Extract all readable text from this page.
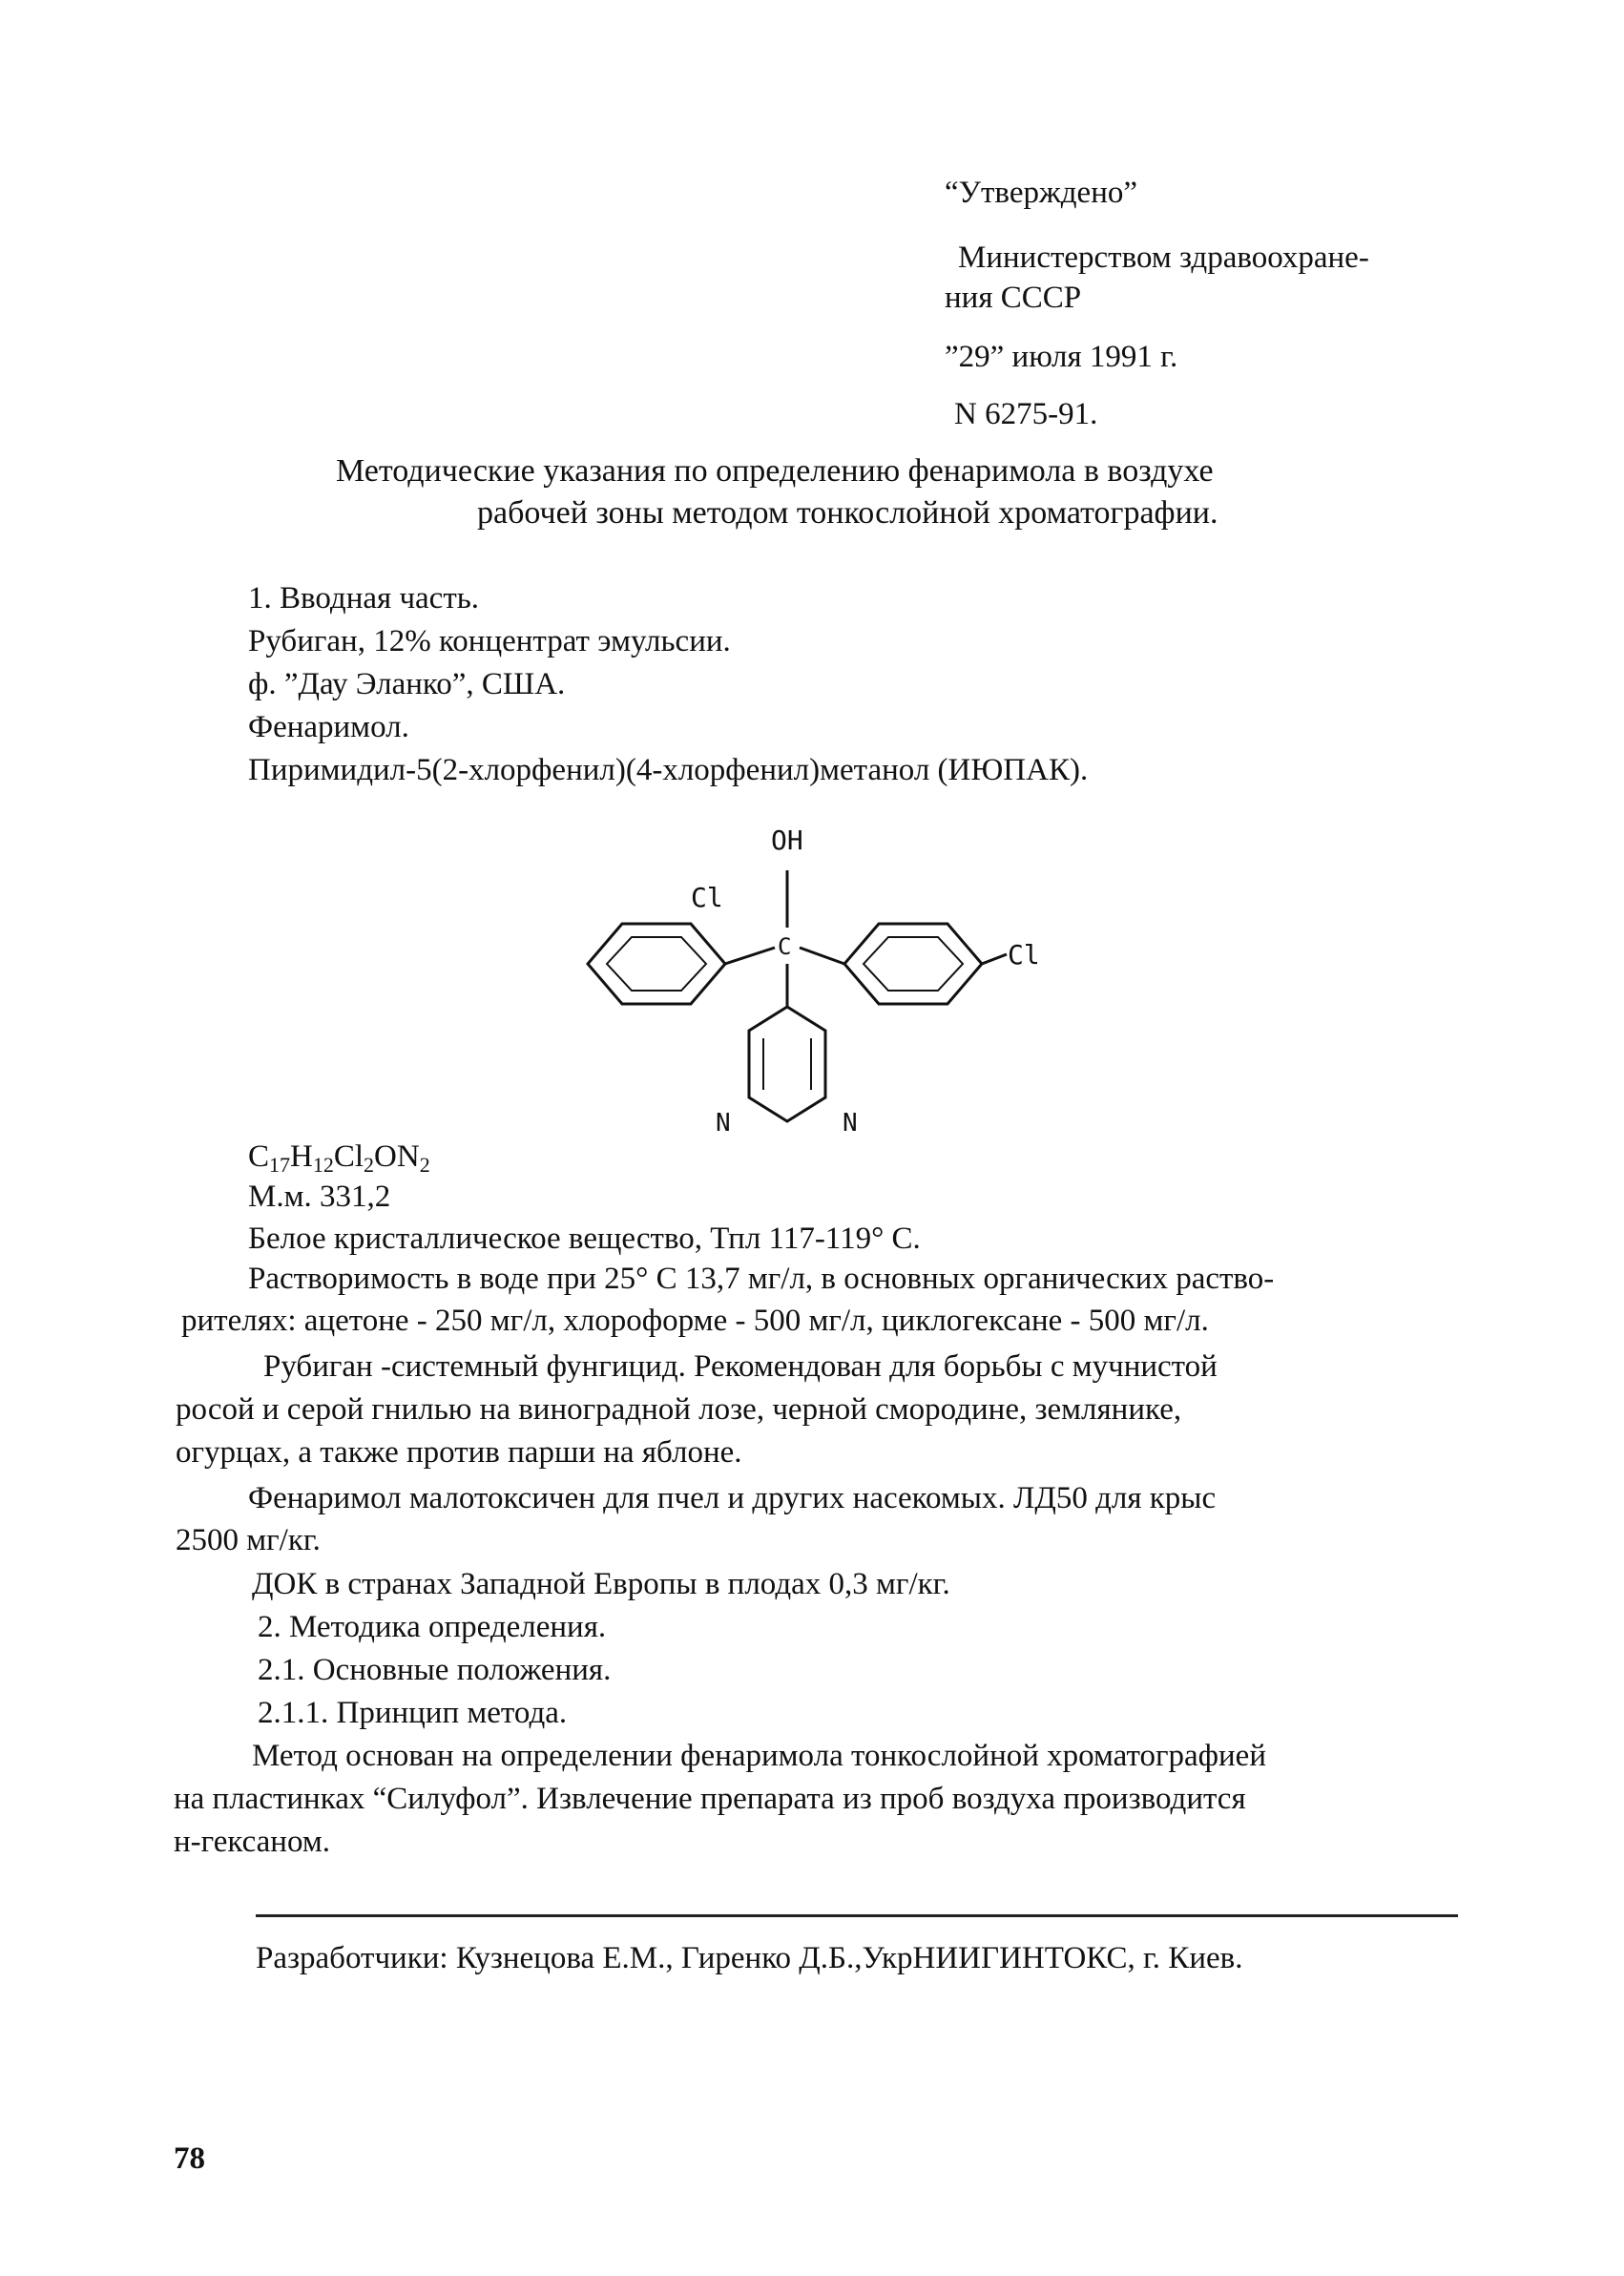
“Утверждено”
Министерством здравоохране-
ния СССР
”29” июля 1991 г.
N 6275-91.
Методические указания по определению фенаримола в воздухе
рабочей зоны методом тонкослойной хроматографии.
1. Вводная часть.
Рубиган, 12% концентрат эмульсии.
ф. ”Дау Эланко”, США.
Фенаримол.
Пиримидил-5(2-хлорфенил)(4-хлорфенил)метанол (ИЮПАК).
OH
C
Cl
Cl
N	N
C17H12Cl2ON2
М.м. 331,2
Белое кристаллическое вещество, Тпл 117-119° С.
Растворимость в воде при 25° С 13,7 мг/л, в основных органических раство-
рителях: ацетоне - 250 мг/л, хлороформе - 500 мг/л, циклогексане - 500 мг/л.
Рубиган -системный фунгицид. Рекомендован для борьбы с мучнистой
росой и серой гнилью на виноградной лозе, черной смородине, землянике,
огурцах, а также против парши на яблоне.
Фенаримол малотоксичен для пчел и других насекомых. ЛД50 для крыс
2500 мг/кг.
ДОК в странах Западной Европы в плодах 0,3 мг/кг.
2. Методика определения.
2.1. Основные положения.
2.1.1. Принцип метода.
Метод основан на определении фенаримола тонкослойной хроматографией
на пластинках “Силуфол”. Извлечение препарата из проб воздуха производится
н-гексаном.
Разработчики: Кузнецова Е.М., Гиренко Д.Б.,УкрНИИГИНТОКС, г. Киев.
78
